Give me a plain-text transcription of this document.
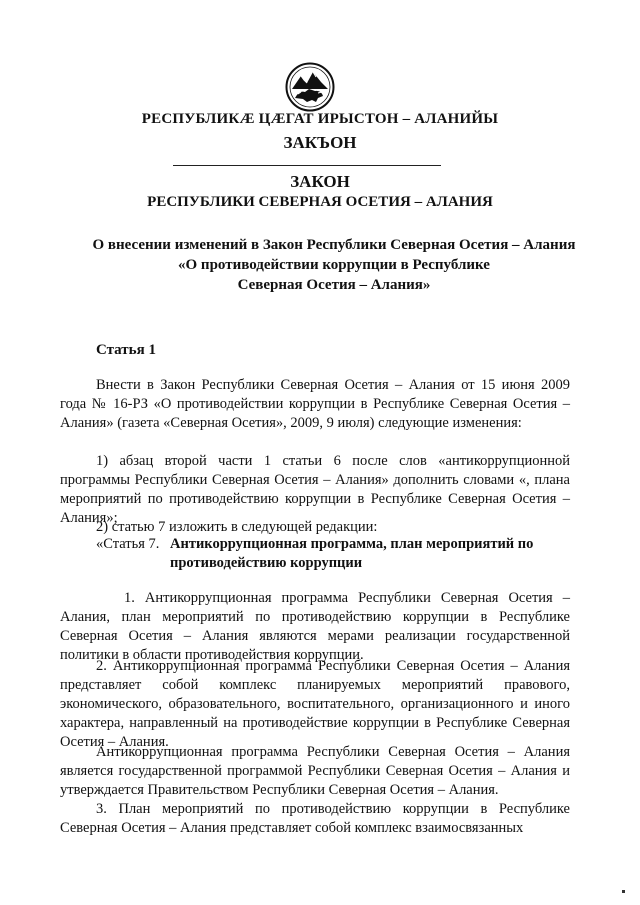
РЕСПУБЛИКÆ ЦÆГАТ ИРЫСТОН – АЛАНИЙЫ
ЗАКЪОН
ЗАКОН
РЕСПУБЛИКИ СЕВЕРНАЯ ОСЕТИЯ – АЛАНИЯ
О внесении изменений в Закон Республики Северная Осетия – Алания
«О противодействии коррупции в Республике
Северная Осетия – Алания»
Статья 1
Внести в Закон Республики Северная Осетия – Алания от 15 июня 2009 года № 16-РЗ «О противодействии коррупции в Республике Северная Осетия – Алания» (газета «Северная Осетия», 2009, 9 июля) следующие изменения:
1) абзац второй части 1 статьи 6 после слов «антикоррупционной программы Республики Северная Осетия – Алания» дополнить словами «, плана мероприятий по противодействию коррупции в Республике Северная Осетия – Алания»;
2) статью 7 изложить в следующей редакции:
«Статья 7. Антикоррупционная программа, план мероприятий по
противодействию коррупции
1. Антикоррупционная программа Республики Северная Осетия – Алания, план мероприятий по противодействию коррупции в Республике Северная Осетия – Алания являются мерами реализации государственной политики в области противодействия коррупции.
2. Антикоррупционная программа Республики Северная Осетия – Алания представляет собой комплекс планируемых мероприятий правового, экономического, образовательного, воспитательного, организационного и иного характера, направленный на противодействие коррупции в Республике Северная Осетия – Алания.
Антикоррупционная программа Республики Северная Осетия – Алания является государственной программой Республики Северная Осетия – Алания и утверждается Правительством Республики Северная Осетия – Алания.
3. План мероприятий по противодействию коррупции в Республике Северная Осетия – Алания представляет собой комплекс взаимосвязанных
